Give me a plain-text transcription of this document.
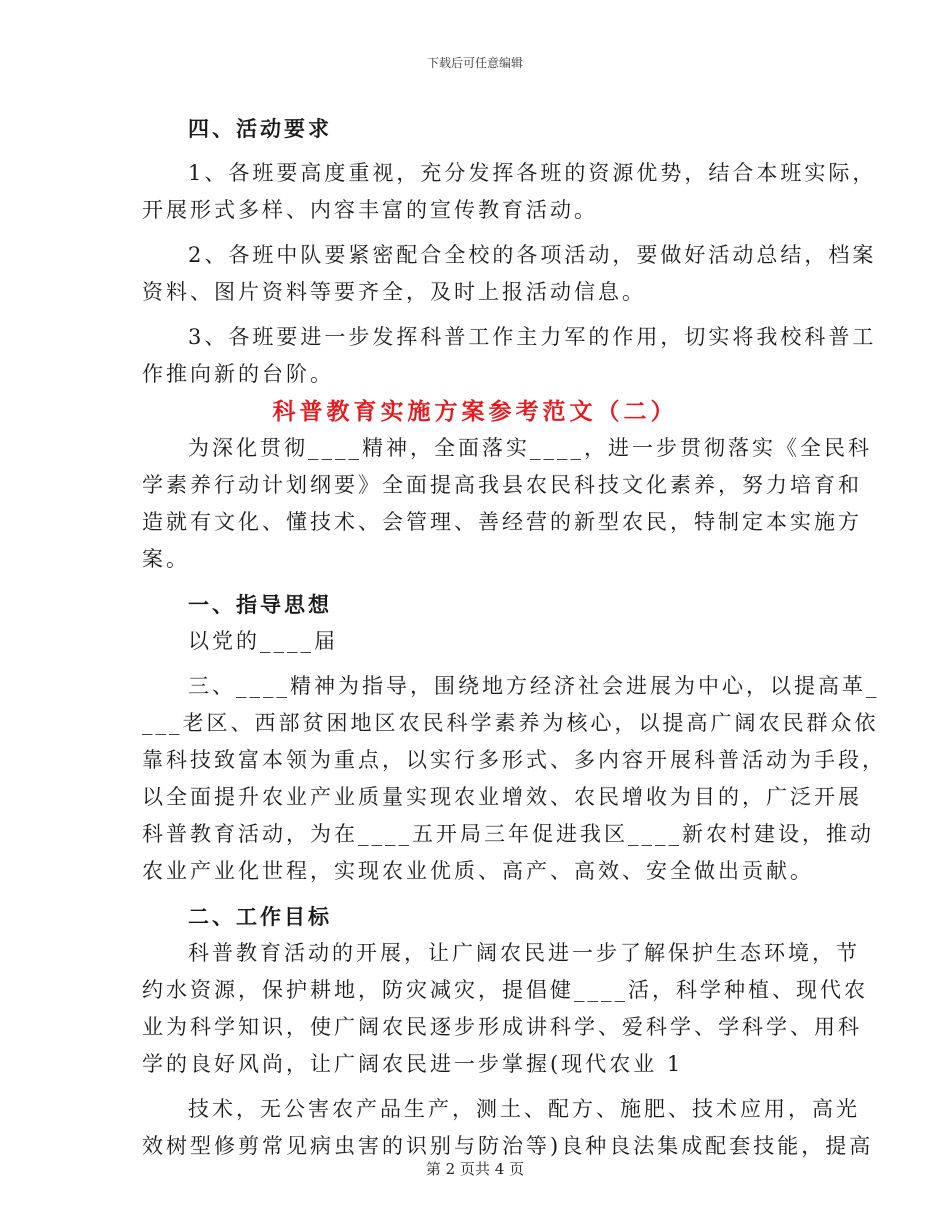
下载后可任意编辑
四、活动要求
1、各班要高度重视，充分发挥各班的资源优势，结合本班实际，
开展形式多样、内容丰富的宣传教育活动。
2、各班中队要紧密配合全校的各项活动，要做好活动总结，档案
资料、图片资料等要齐全，及时上报活动信息。
3、各班要进一步发挥科普工作主力军的作用，切实将我校科普工
作推向新的台阶。
科普教育实施方案参考范文（二）
为深化贯彻____精神，全面落实____，进一步贯彻落实《全民科
学素养行动计划纲要》全面提高我县农民科技文化素养，努力培育和
造就有文化、懂技术、会管理、善经营的新型农民，特制定本实施方
案。
一、指导思想
以党的____届
三、____精神为指导，围绕地方经济社会进展为中心，以提高革_
___老区、西部贫困地区农民科学素养为核心，以提高广阔农民群众依
靠科技致富本领为重点，以实行多形式、多内容开展科普活动为手段，
以全面提升农业产业质量实现农业增效、农民增收为目的，广泛开展
科普教育活动，为在____五开局三年促进我区____新农村建设，推动
农业产业化世程，实现农业优质、高产、高效、安全做出贡献。
二、工作目标
科普教育活动的开展，让广阔农民进一步了解保护生态环境，节
约水资源，保护耕地，防灾减灾，提倡健____活，科学种植、现代农
业为科学知识，使广阔农民逐步形成讲科学、爱科学、学科学、用科
学的良好风尚，让广阔农民进一步掌握(现代农业 1
技术，无公害农产品生产，测土、配方、施肥、技术应用，高光
效树型修剪常见病虫害的识别与防治等)良种良法集成配套技能，提高
第 2 页共 4 页
